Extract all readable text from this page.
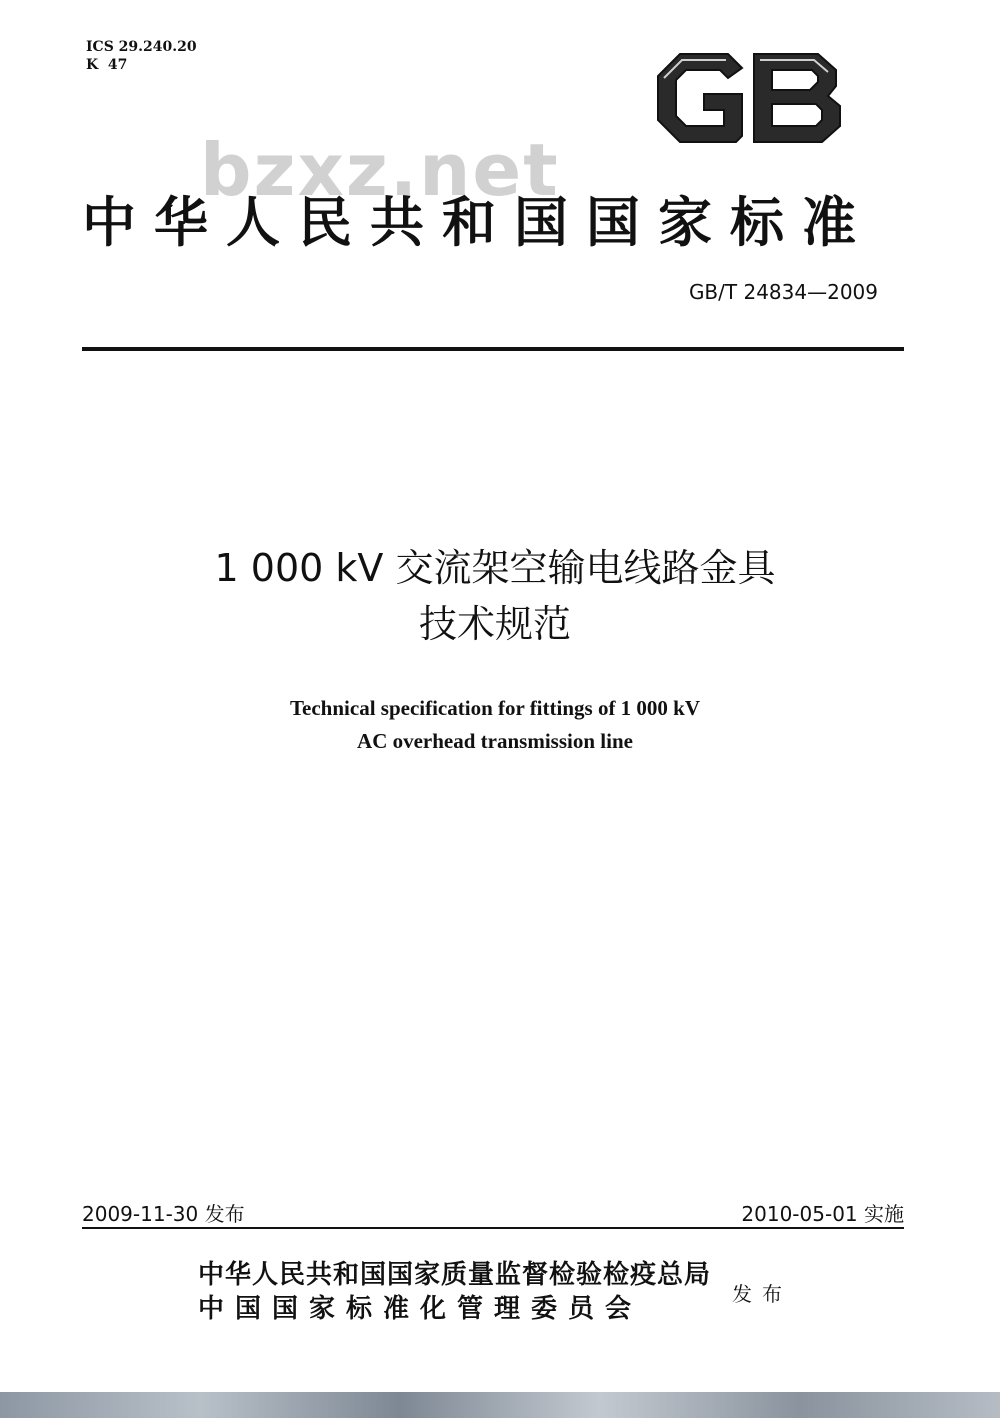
ICS 29.240.20
K  47
bzxz.net
中华人民共和国国家标准
GB/T 24834—2009
1 000 kV 交流架空输电线路金具
技术规范
Technical specification for fittings of 1 000 kV
AC overhead transmission line
2009-11-30 发布	2010-05-01 实施
中华人民共和国国家质量监督检验检疫总局
中国国家标准化管理委员会	发布
